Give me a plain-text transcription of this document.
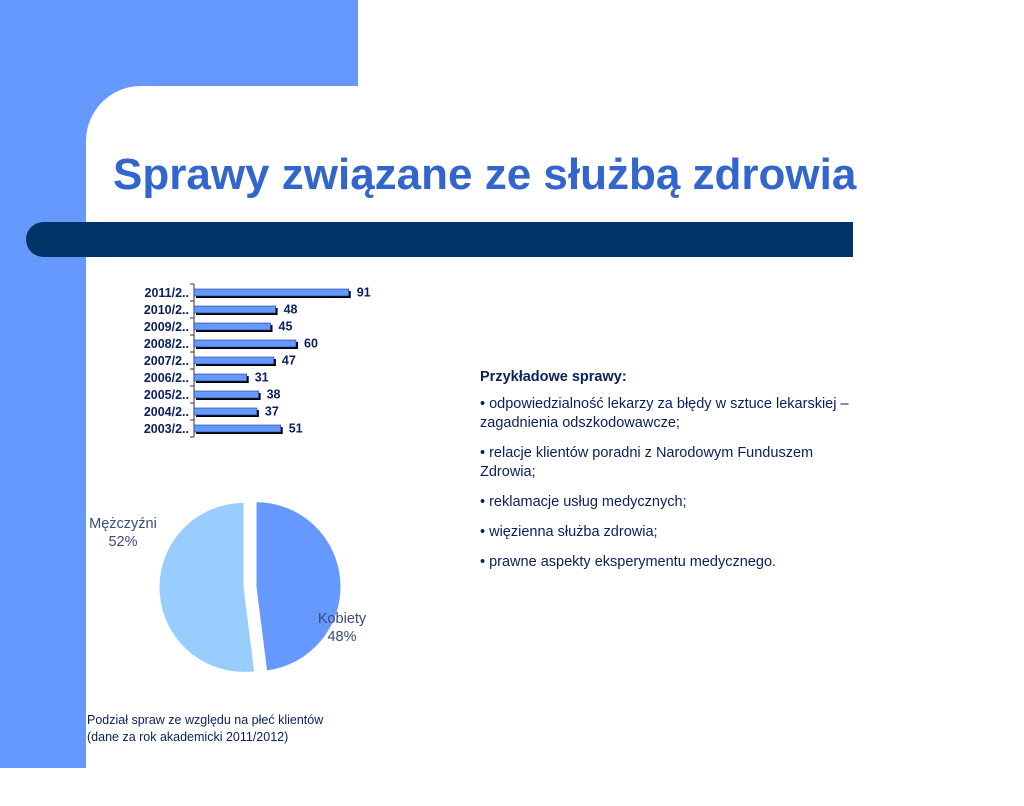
Sprawy związane ze służbą zdrowia
2011/2..	91
2010/2..	48
2009/2..	45
2008/2..	60
2007/2..	47
2006/2..	31
2005/2..	38
2004/2..	37
2003/2..	51
Kobiety
48%
Mężczyźni
52%
Przykładowe sprawy:
• odpowiedzialność lekarzy za błędy w sztuce lekarskiej – zagadnienia odszkodowawcze;
• relacje klientów poradni z Narodowym Funduszem Zdrowia;
• reklamacje usług medycznych;
• więzienna służba zdrowia;
• prawne aspekty eksperymentu medycznego.
Podział spraw ze względu na płeć klientów
(dane za rok akademicki 2011/2012)
